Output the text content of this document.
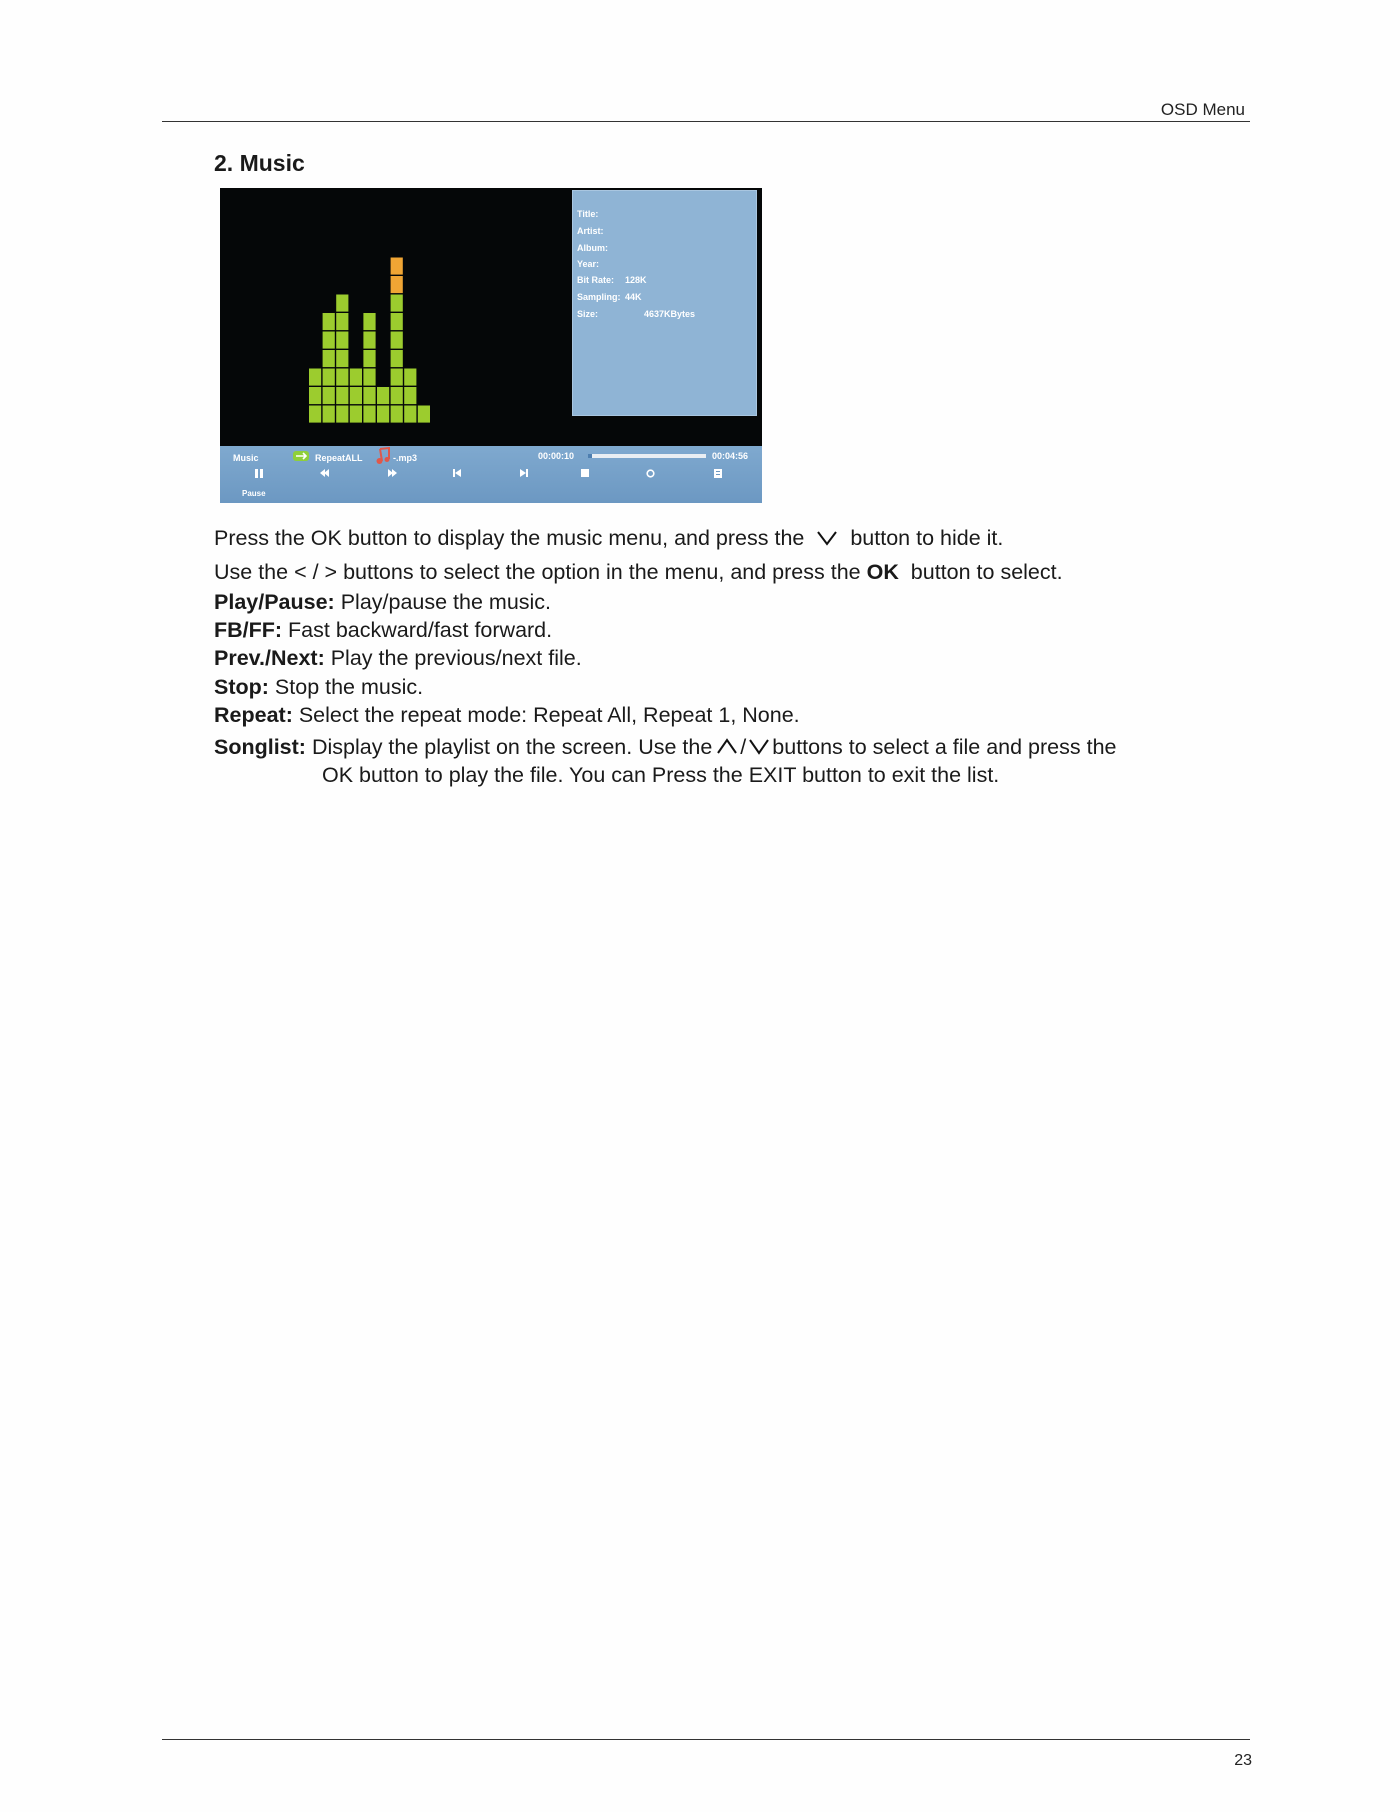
OSD Menu
2. Music
Title:
Artist:
Album:
Year:
Bit Rate: 128K
Sampling: 44K
Size:	4637KBytes
Music	RepeatALL	-.mp3	00:00:10	00:04:56
Pause
Press the OK button to display the music menu, and press the button to hide it.
Use the < / > buttons to select the option in the menu, and press the OK button to select.
Play/Pause: Play/pause the music.
FB/FF: Fast backward/fast forward.
Prev./Next: Play the previous/next file.
Stop: Stop the music.
Repeat: Select the repeat mode: Repeat All, Repeat 1, None.
Songlist: Display the playlist on the screen. Use the / buttons to select a file and press the
OK button to play the file. You can Press the EXIT button to exit the list.
23
